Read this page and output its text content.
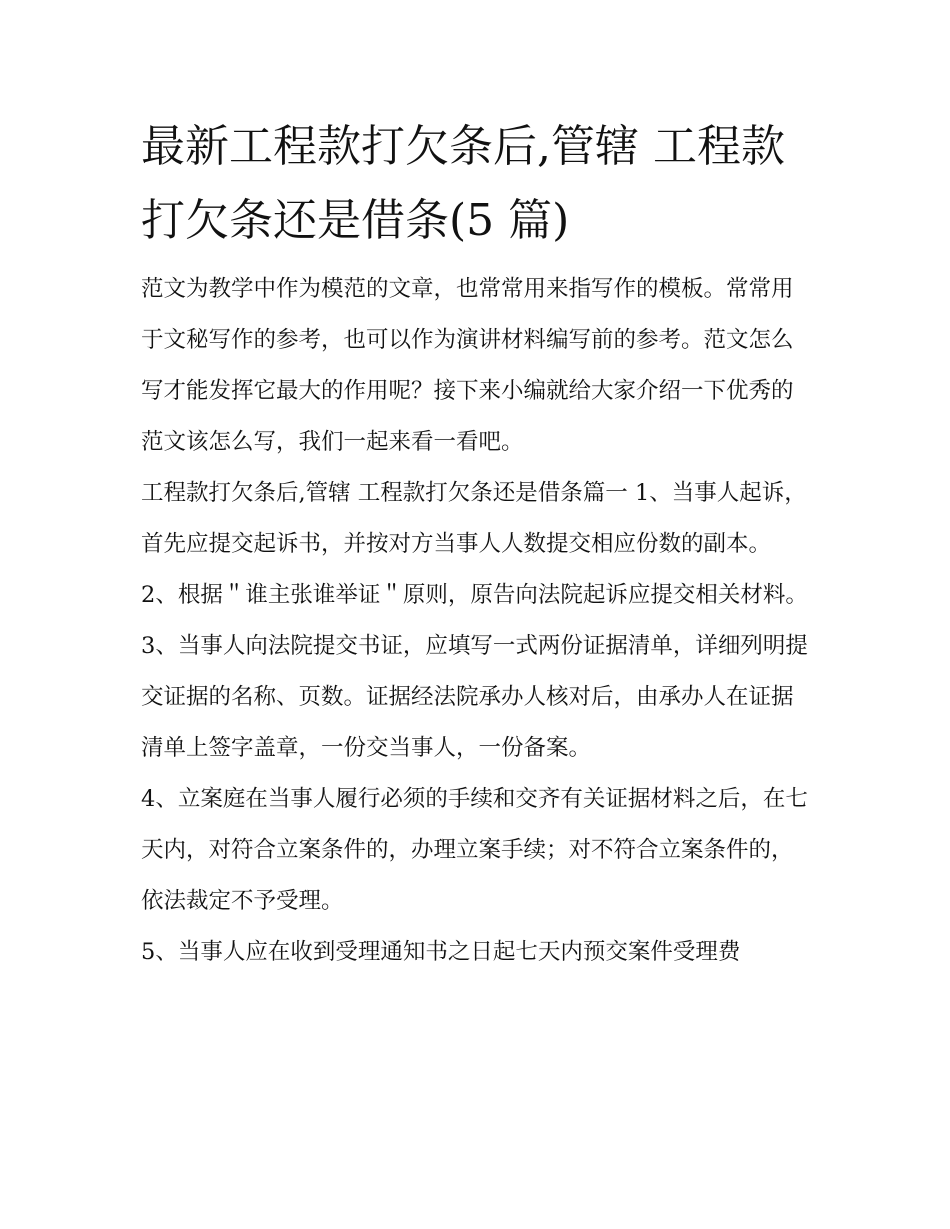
最新工程款打欠条后,管辖 工程款打欠条还是借条(5 篇)

范文为教学中作为模范的文章，也常常用来指写作的模板。常常用于文秘写作的参考，也可以作为演讲材料编写前的参考。范文怎么写才能发挥它最大的作用呢？接下来小编就给大家介绍一下优秀的范文该怎么写，我们一起来看一看吧。

工程款打欠条后,管辖 工程款打欠条还是借条篇一 1、当事人起诉，首先应提交起诉书，并按对方当事人人数提交相应份数的副本。

2、根据＂谁主张谁举证＂原则，原告向法院起诉应提交相关材料。

3、当事人向法院提交书证，应填写一式两份证据清单，详细列明提交证据的名称、页数。证据经法院承办人核对后，由承办人在证据清单上签字盖章，一份交当事人，一份备案。

4、立案庭在当事人履行必须的手续和交齐有关证据材料之后，在七天内，对符合立案条件的，办理立案手续；对不符合立案条件的，依法裁定不予受理。

5、当事人应在收到受理通知书之日起七天内预交案件受理费
